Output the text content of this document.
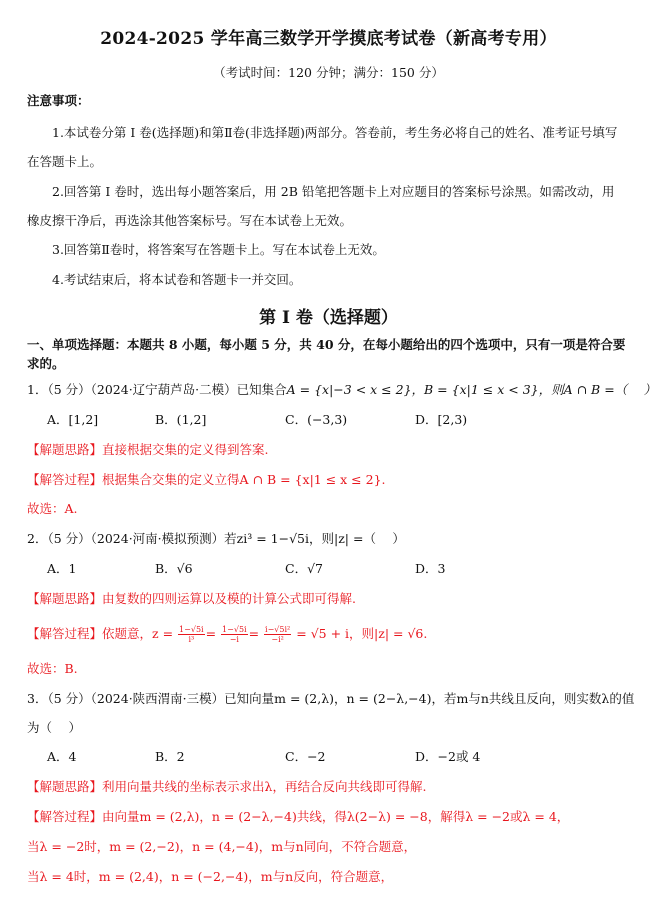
2024-2025 学年高三数学开学摸底考试卷（新高考专用）
（考试时间：120 分钟；满分：150 分）
注意事项：
1.本试卷分第 I 卷(选择题)和第Ⅱ卷(非选择题)两部分。答卷前，考生务必将自己的姓名、准考证号填写
在答题卡上。
2.回答第 I 卷时，选出每小题答案后，用 2B 铅笔把答题卡上对应题目的答案标号涂黑。如需改动，用
橡皮擦干净后，再选涂其他答案标号。写在本试卷上无效。
3.回答第Ⅱ卷时，将答案写在答题卡上。写在本试卷上无效。
4.考试结束后，将本试卷和答题卡一并交回。
第 I 卷（选择题）
一、单项选择题：本题共 8 小题，每小题 5 分，共 40 分，在每小题给出的四个选项中，只有一项是符合要
求的。
1．（5 分）（2024·辽宁葫芦岛·二模）已知集合A = {x|−3 < x ≤ 2}，B = {x|1 ≤ x < 3}，则A ∩ B =（　 ）
A．[1,2]	B．(1,2]	C．(−3,3)	D．[2,3)
【解题思路】直接根据交集的定义得到答案.
【解答过程】根据集合交集的定义立得A ∩ B = {x|1 ≤ x ≤ 2}.
故选：A.
2．（5 分）（2024·河南·模拟预测）若zi³ = 1−√5i，则|z| =（　 ）
A．1	B．√6	C．√7	D．3
【解题思路】由复数的四则运算以及模的计算公式即可得解.
【解答过程】依题意，$z = \frac{1-√5i}{\text{i³}} = \frac{1-√5i}{-i} = \frac{\text{i−√5i²}}{\text{−i²}} = √5 + i$，则|z| = √6.
故选：B.
3．（5 分）（2024·陕西渭南·三模）已知向量m = (2,λ)，n = (2−λ,−4)，若m与n共线且反向，则实数λ的值
为（　 ）
A．4	B．2	C．−2	D．−2或 4
【解题思路】利用向量共线的坐标表示求出λ，再结合反向共线即可得解.
【解答过程】由向量m = (2,λ)，n = (2−λ,−4)共线，得λ(2−λ) = −8，解得λ = −2或λ = 4，
当λ = −2时，m = (2,−2)，n = (4,−4)，m与n同向，不符合题意，
当λ = 4时，m = (2,4)，n = (−2,−4)，m与n反向，符合题意，
